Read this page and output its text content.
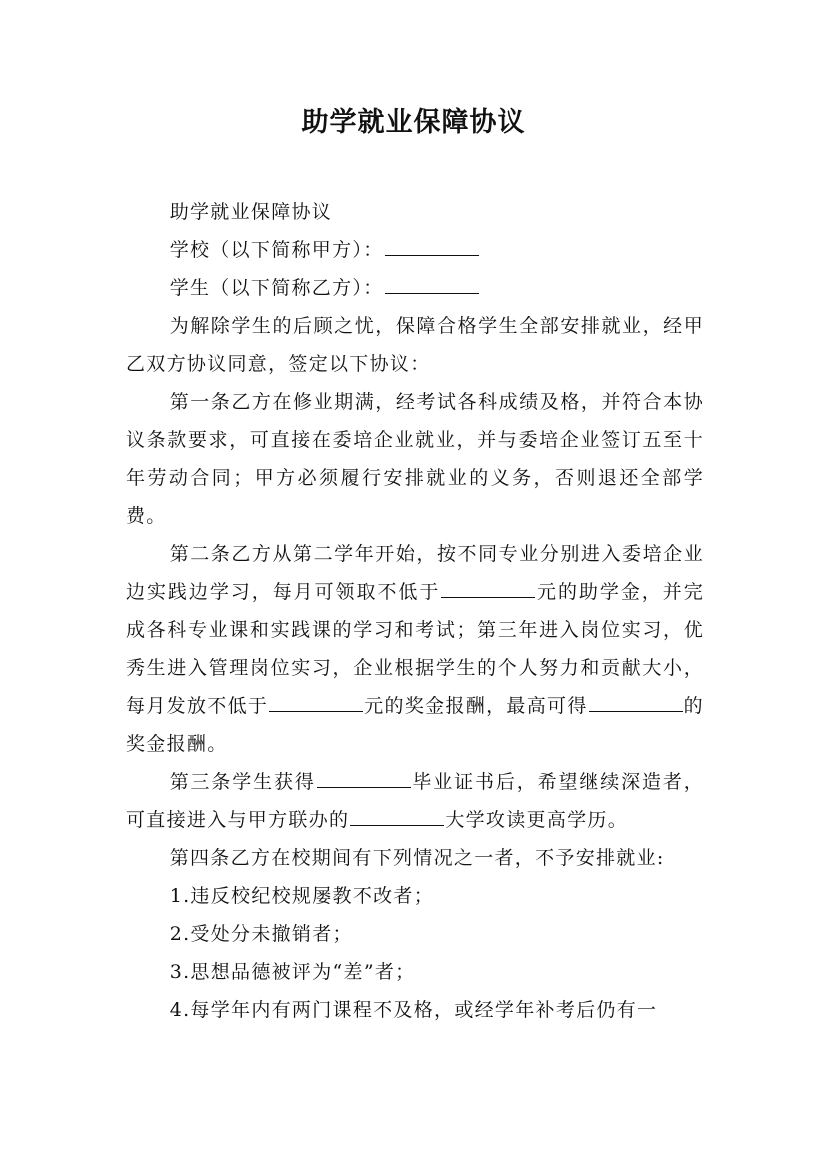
助学就业保障协议

助学就业保障协议

学校（以下简称甲方）：

学生（以下简称乙方）：

为解除学生的后顾之忧，保障合格学生全部安排就业，经甲乙双方协议同意，签定以下协议：

第一条乙方在修业期满，经考试各科成绩及格，并符合本协议条款要求，可直接在委培企业就业，并与委培企业签订五至十年劳动合同；甲方必须履行安排就业的义务，否则退还全部学费。

第二条乙方从第二学年开始，按不同专业分别进入委培企业边实践边学习，每月可领取不低于	元的助学金，并完成各科专业课和实践课的学习和考试；第三年进入岗位实习，优秀生进入管理岗位实习，企业根据学生的个人努力和贡献大小，每月发放不低于	元的奖金报酬，最高可得	的奖金报酬。

第三条学生获得	毕业证书后，希望继续深造者，可直接进入与甲方联办的	大学攻读更高学历。

第四条乙方在校期间有下列情况之一者，不予安排就业:

1.违反校纪校规屡教不改者；

2.受处分未撤销者；

3.思想品德被评为“差”者；

4.每学年内有两门课程不及格，或经学年补考后仍有一
